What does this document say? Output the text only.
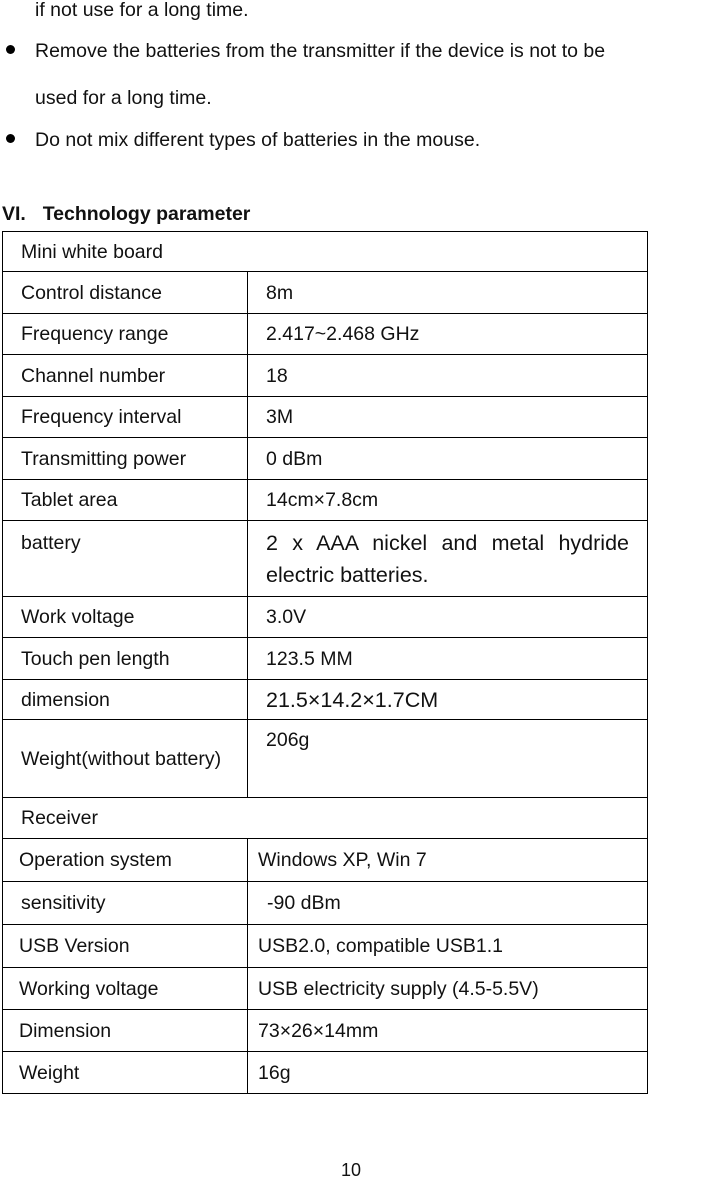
if not use for a long time.
Remove the batteries from the transmitter if the device is not to be
used for a long time.
Do not mix different types of batteries in the mouse.
VI. Technology parameter
Mini white board	
Control distance	8m
Frequency range	2.417~2.468 GHz
Channel number	18
Frequency interval	3M
Transmitting power	0 dBm
Tablet area	14cm×7.8cm
battery	2 x AAA nickel and metal hydride electric batteries.
Work voltage	3.0V
Touch pen length	123.5 MM
dimension	21.5×14.2×1.7CM
Weight(without battery)	206g
Receiver	
Operation system	Windows XP, Win 7
sensitivity	-90 dBm
USB Version	USB2.0, compatible USB1.1
Working voltage	USB electricity supply (4.5-5.5V)
Dimension	73×26×14mm
Weight	16g
10
